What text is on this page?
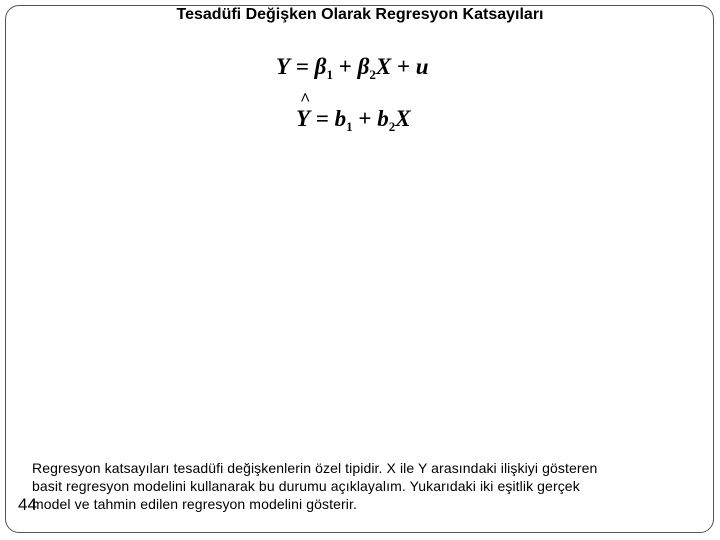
Tesadüfi Değişken Olarak Regresyon Katsayıları
$Y = \beta_1 + \beta_2X + u$
^ $Y = b_1 + b_2X$
Regresyon katsayıları tesadüfi değişkenlerin özel tipidir. X ile Y arasındaki ilişkiyi gösteren
basit regresyon modelini kullanarak bu durumu açıklayalım. Yukarıdaki iki eşitlik gerçek
model ve tahmin edilen regresyon modelini gösterir.
44
